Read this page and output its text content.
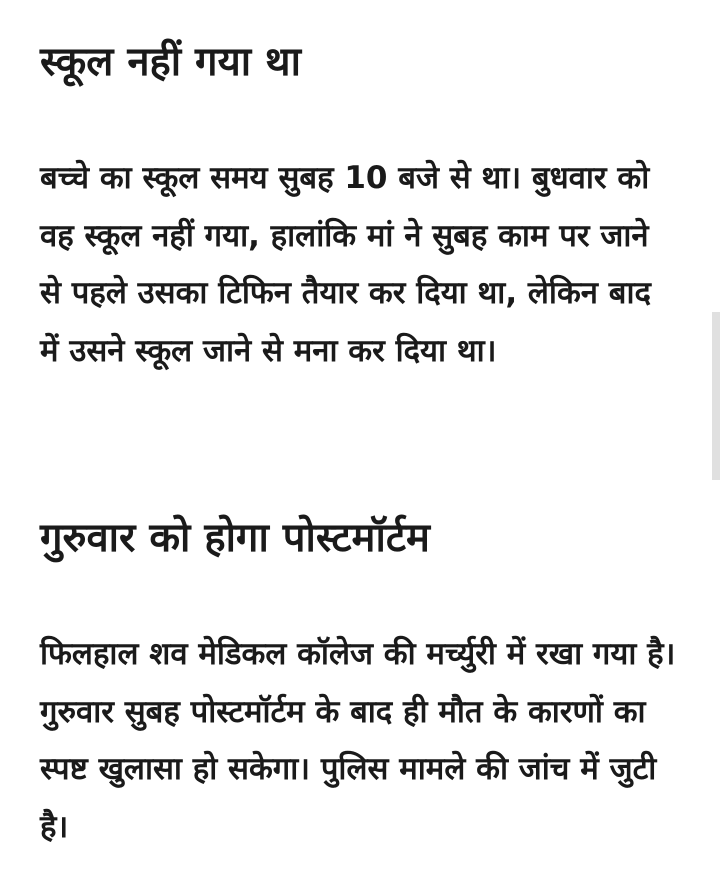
स्कूल नहीं गया था

बच्चे का स्कूल समय सुबह 10 बजे से था। बुधवार को वह स्कूल नहीं गया, हालांकि मां ने सुबह काम पर जाने से पहले उसका टिफिन तैयार कर दिया था, लेकिन बाद में उसने स्कूल जाने से मना कर दिया था।

गुरुवार को होगा पोस्टमॉर्टम

फिलहाल शव मेडिकल कॉलेज की मर्च्युरी में रखा गया है। गुरुवार सुबह पोस्टमॉर्टम के बाद ही मौत के कारणों का स्पष्ट खुलासा हो सकेगा। पुलिस मामले की जांच में जुटी है।
